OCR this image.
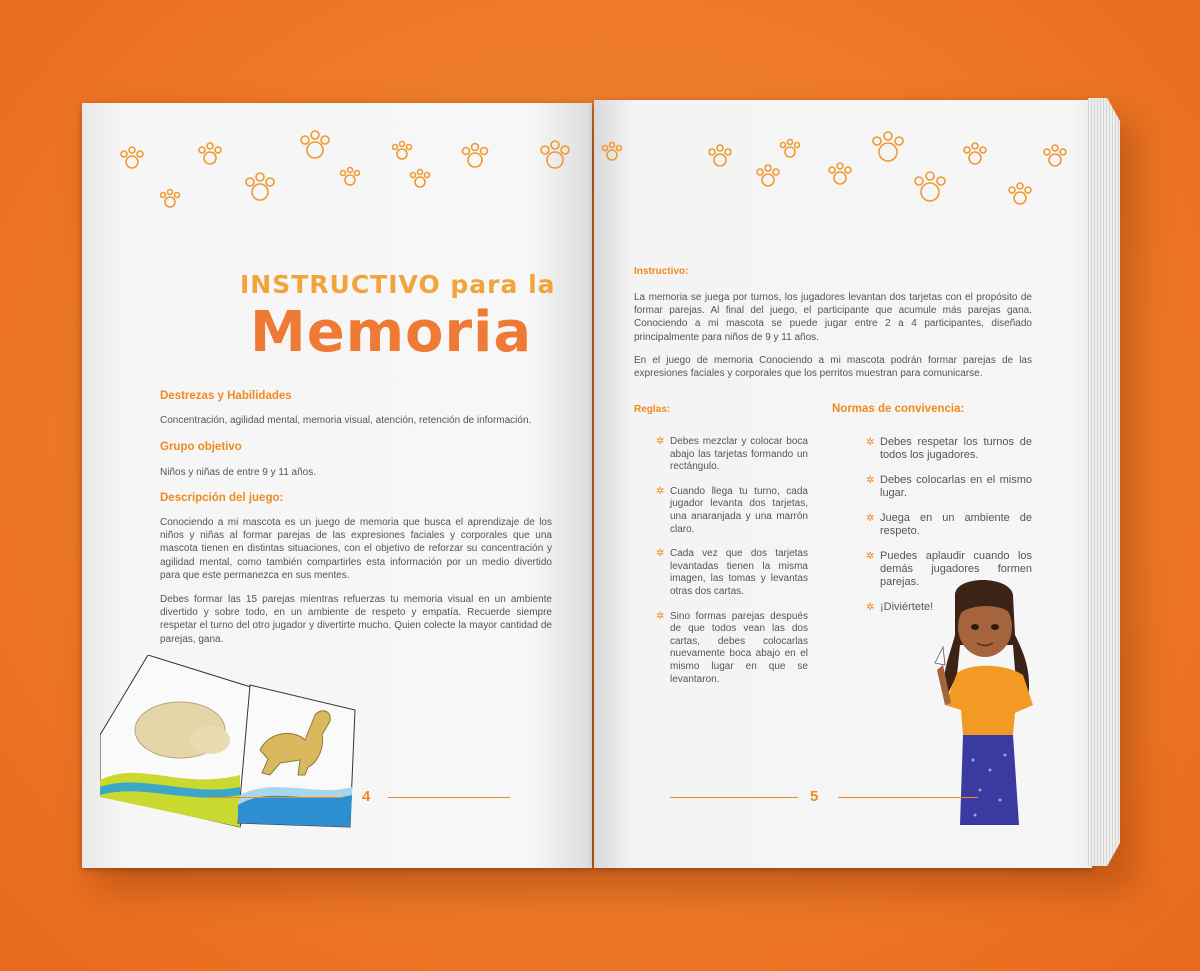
INSTRUCTIVO para la
Memoria
Destrezas y Habilidades
Concentración, agilidad mental, memoria visual, atención, retención de información.
Grupo objetivo
Niños y niñas de entre 9 y 11 años.
Descripción del juego:
Conociendo a mi mascota es un juego de memoria que busca el aprendizaje de los niños y niñas al formar parejas de las expresiones faciales y corporales que una mascota tienen en distintas situaciones, con el objetivo de reforzar su concentración y agilidad mental, como también compartirles esta información por un medio divertido para que este permanezca en sus mentes.
Debes formar las 15 parejas mientras refuerzas tu memoria visual en un ambiente divertido y sobre todo, en un ambiente de respeto y empatía. Recuerde siempre respetar el turno del otro jugador y divertirte mucho. Quien colecte la mayor cantidad de parejas, gana.
4
Instructivo:
La memoria se juega por turnos, los jugadores levantan dos tarjetas con el propósito de formar parejas. Al final del juego, el participante que acumule más parejas gana. Conociendo a mi mascota se puede jugar entre 2 a 4 participantes, diseñado principalmente para niños de 9 y 11 años.
En el juego de memoria Conociendo a mi mascota podrán formar parejas de las expresiones faciales y corporales que los perritos muestran para comunicarse.
Reglas:
✲ Debes mezclar y colocar boca abajo las tarjetas formando un rectángulo.
✲ Cuando llega tu turno, cada jugador levanta dos tarjetas, una anaranjada y una marrón claro.
✲ Cada vez que dos tarjetas levantadas tienen la misma imagen, las tomas y levantas otras dos cartas.
✲ Sino formas parejas después de que todos vean las dos cartas, debes colocarlas nuevamente boca abajo en el mismo lugar en que se levantaron.
Normas de convivencia:
✲ Debes respetar los turnos de todos los jugadores.
✲ Debes colocarlas en el mismo lugar.
✲ Juega en un ambiente de respeto.
✲ Puedes aplaudir cuando los demás jugadores formen parejas.
✲ ¡Diviértete!
5
